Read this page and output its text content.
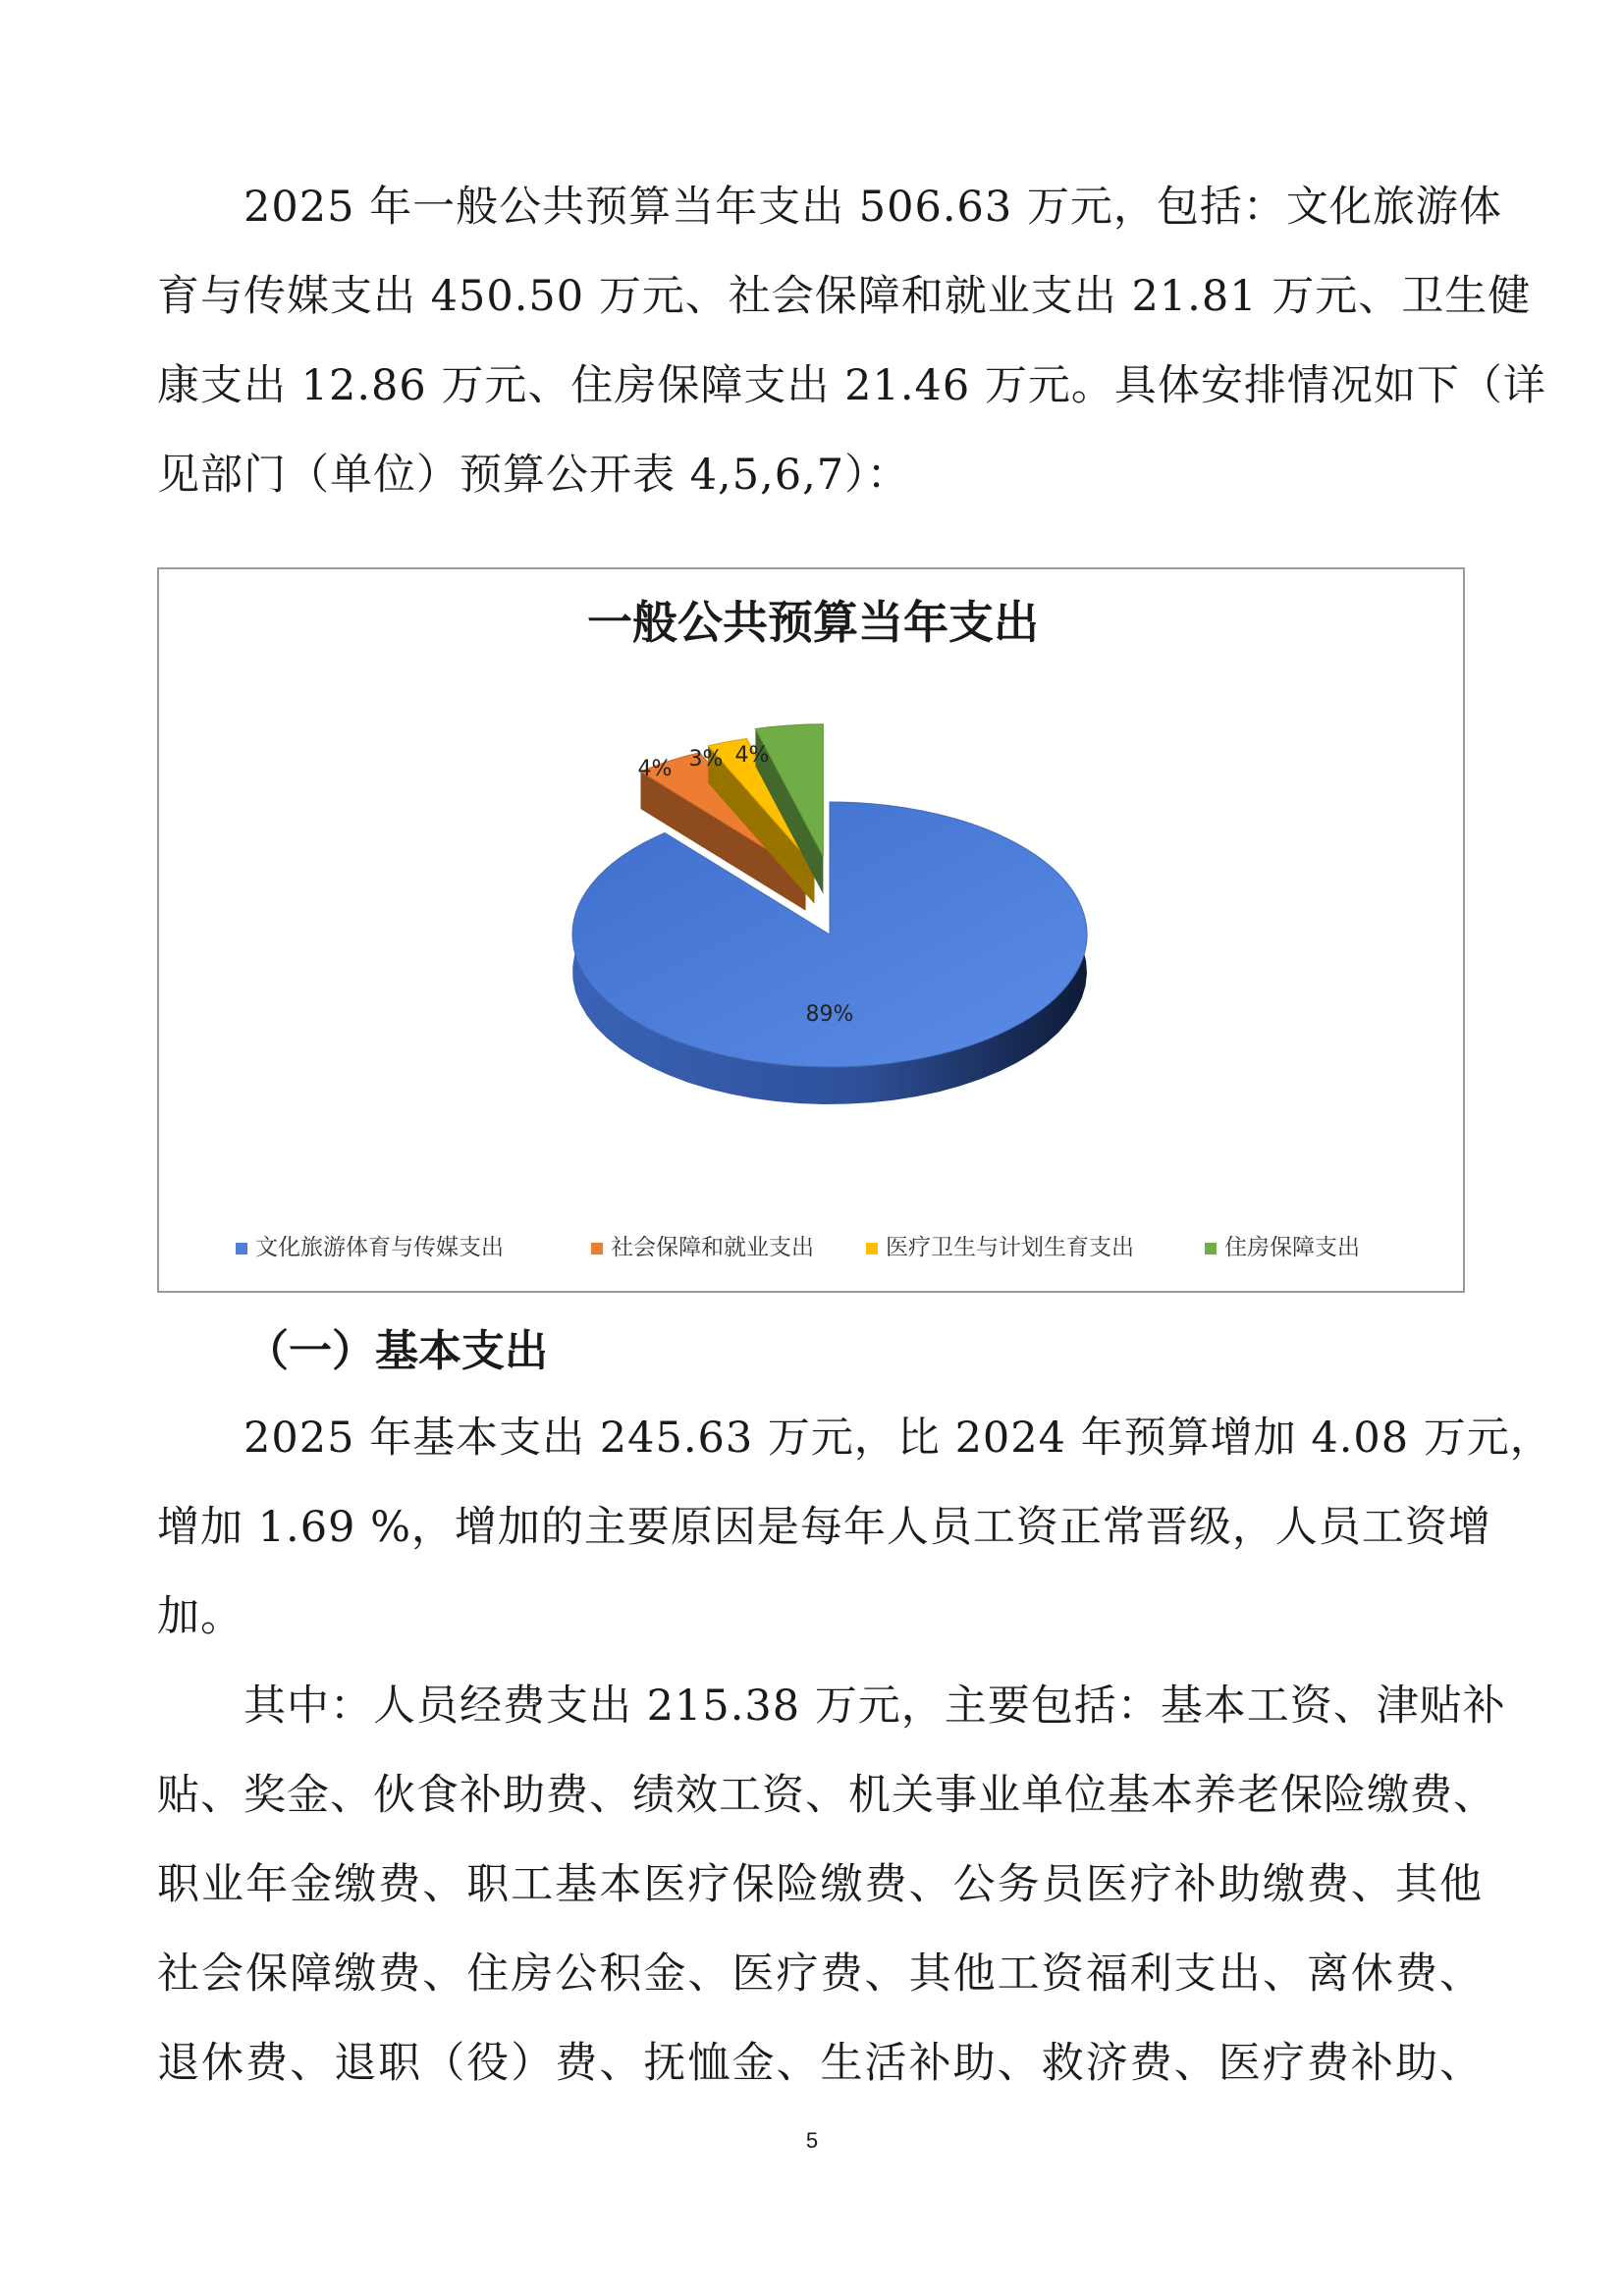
2025 年一般公共预算当年支出 506.63 万元，包括：文化旅游体
育与传媒支出 450.50 万元、社会保障和就业支出 21.81 万元、卫生健
康支出 12.86 万元、住房保障支出 21.46 万元。具体安排情况如下（详
见部门（单位）预算公开表 4,5,6,7）：
89%
4% 3% 4%
一般公共预算当年支出
文化旅游体育与传媒支出	社会保障和就业支出	医疗卫生与计划生育支出	住房保障支出

（一）基本支出

2025 年基本支出 245.63 万元，比 2024 年预算增加 4.08 万元，
增加 1.69 %，增加的主要原因是每年人员工资正常晋级，人员工资增
加。
其中：人员经费支出 215.38 万元，主要包括：基本工资、津贴补
贴、奖金、伙食补助费、绩效工资、机关事业单位基本养老保险缴费、
职业年金缴费、职工基本医疗保险缴费、公务员医疗补助缴费、其他
社会保障缴费、住房公积金、医疗费、其他工资福利支出、离休费、
退休费、退职（役）费、抚恤金、生活补助、救济费、医疗费补助、
5
